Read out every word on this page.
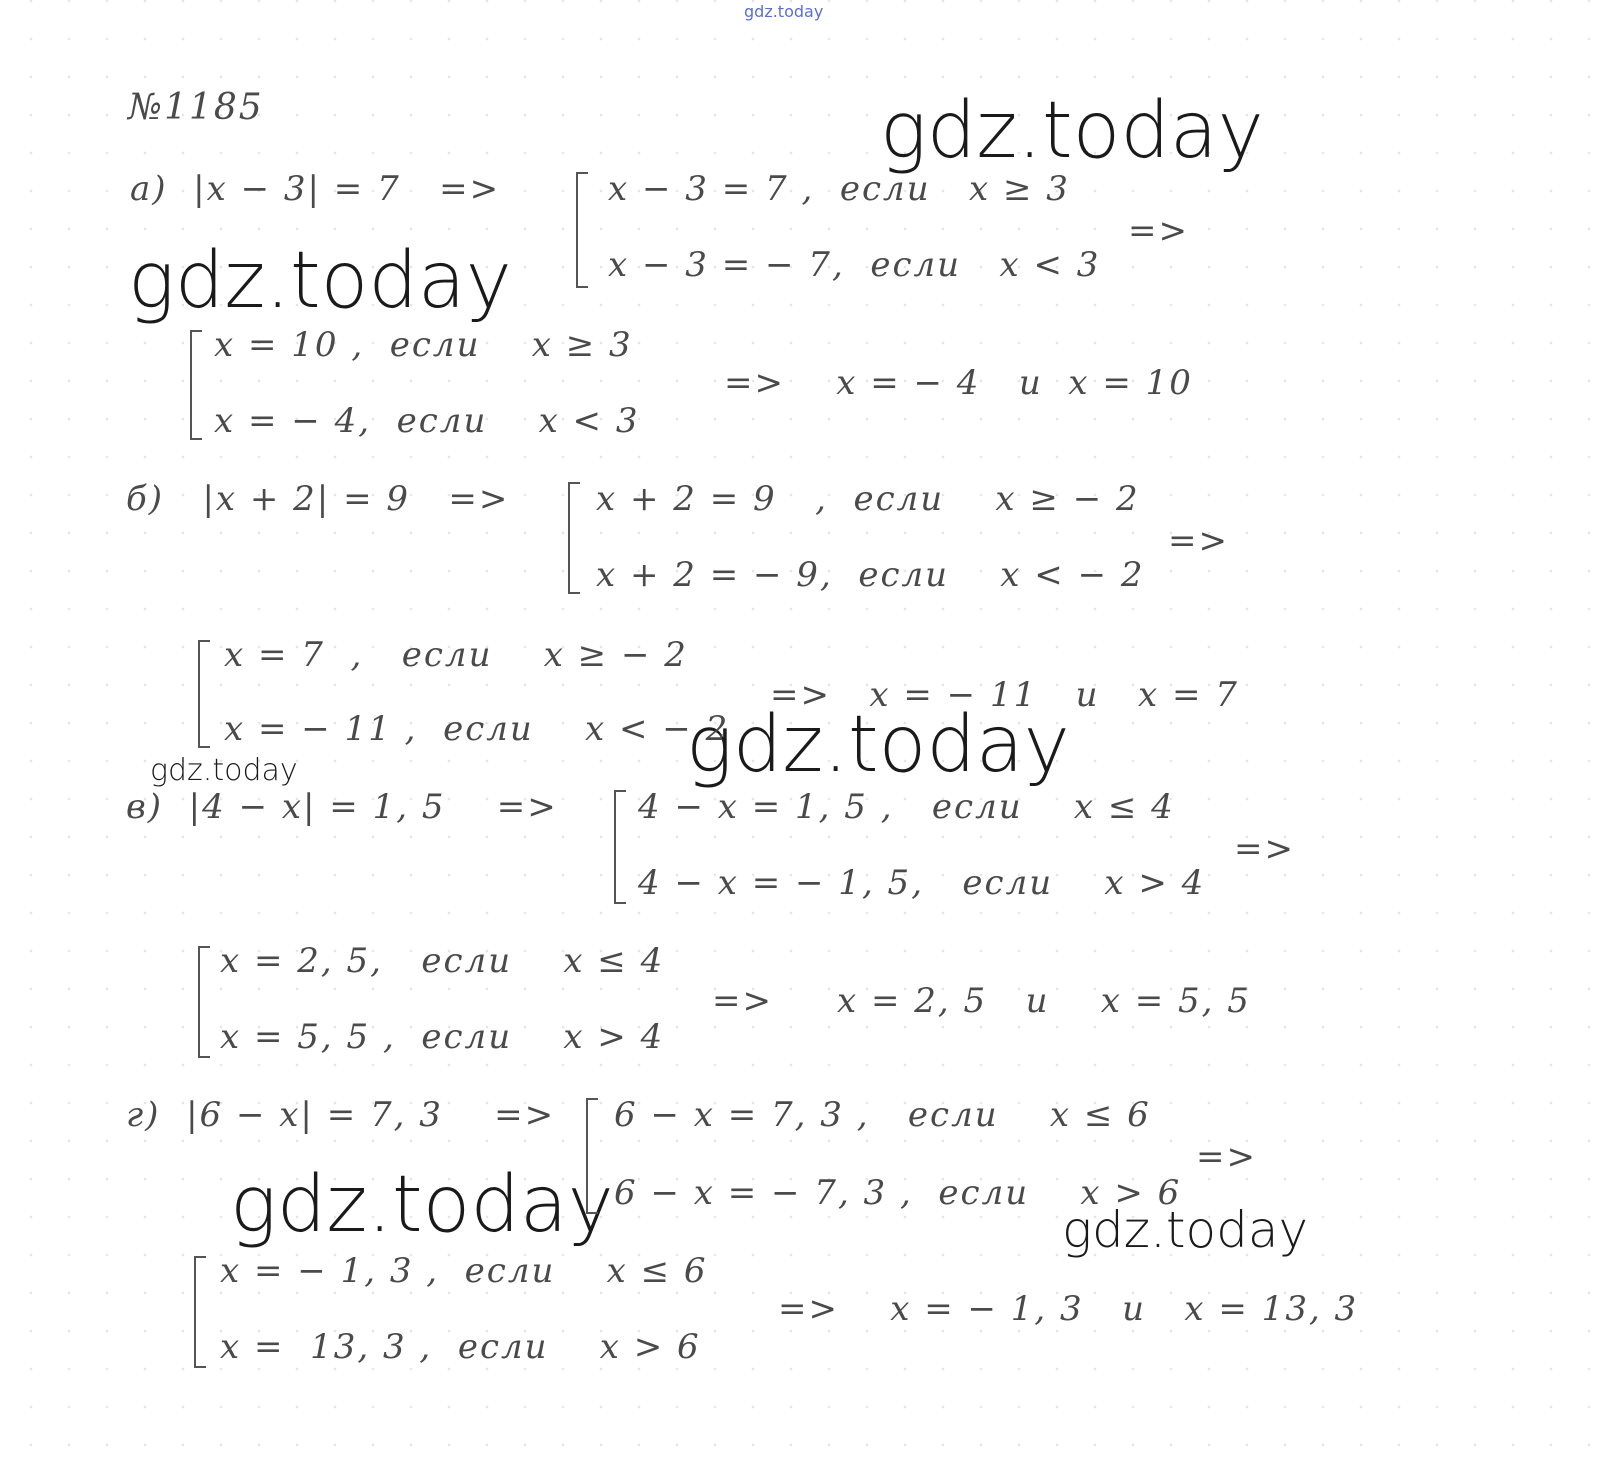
gdz.today
gdz.today
gdz.today
gdz.today
gdz.today
gdz.today	gdz.today
№1185
а)  |x − 3| = 7   =>	x − 3 = 7 ,  если   x ≥ 3
x − 3 = − 7,  если   x < 3
=>
x = 10 ,  если    x ≥ 3
x = − 4,  если    x < 3
=>    x = − 4   и  x = 10
б)   |x + 2| = 9   =>	x + 2 = 9   ,  если    x ≥ − 2
x + 2 = − 9,  если    x < − 2
=>
x = 7  ,   если    x ≥ − 2
x = − 11 ,  если    x < − 2
=>   x = − 11   и   x = 7
в)  |4 − x| = 1, 5    => 4 − x = 1, 5 ,   если    x ≤ 4
4 − x = − 1, 5,   если    x > 4
=>
x = 2, 5,   если    x ≤ 4
x = 5, 5 ,  если    x > 4
=>     x = 2, 5   и    x = 5, 5
г)  |6 − x| = 7, 3    => 6 − x = 7, 3 ,   если    x ≤ 6
6 − x = − 7, 3 ,  если    x > 6
=>
x = − 1, 3 ,  если    x ≤ 6
x =  13, 3 ,  если    x > 6
=>    x = − 1, 3   и   x = 13, 3
